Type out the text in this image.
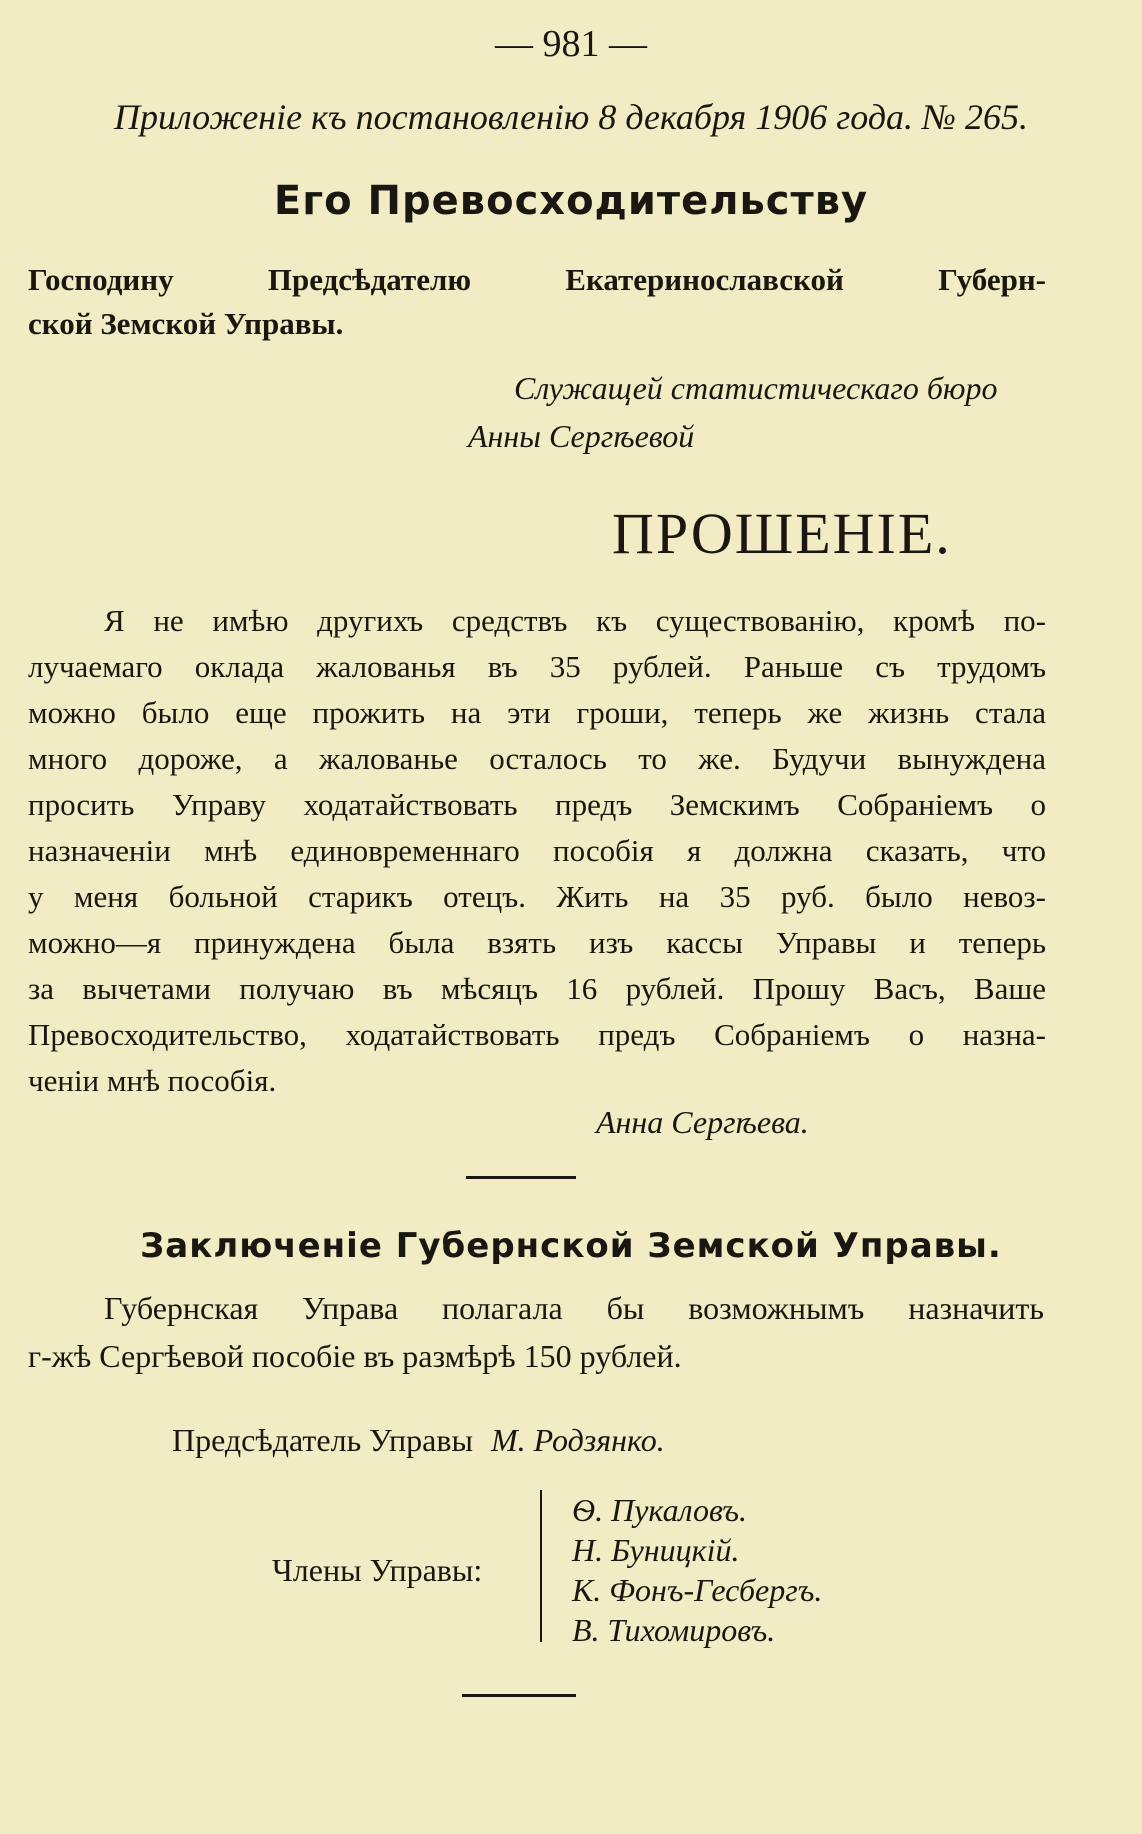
— 981 —
Приложеніе къ постановленію 8 декабря 1906 года. № 265.
Его Превосходительству
Господину Предсѣдателю Екатеринославской Губерн-
ской Земской Управы.
Служащей статистическаго бюро
Анны Сергѣевой
ПРОШЕНІЕ.
Я не имѣю другихъ средствъ къ существованію, кромѣ по-
лучаемаго оклада жалованья въ 35 рублей. Раньше съ трудомъ
можно было еще прожить на эти гроши, теперь же жизнь стала
много дороже, а жалованье осталось то же. Будучи вынуждена
просить Управу ходатайствовать предъ Земскимъ Собраніемъ о
назначеніи мнѣ единовременнаго пособія я должна сказать, что
у меня больной старикъ отецъ. Жить на 35 руб. было невоз-
можно—я принуждена была взять изъ кассы Управы и теперь
за вычетами получаю въ мѣсяцъ 16 рублей. Прошу Васъ, Ваше
Превосходительство, ходатайствовать предъ Собраніемъ о назна-
ченіи мнѣ пособія.
Анна Сергѣева.
Заключеніе Губернской Земской Управы.
Губернская Управа полагала бы возможнымъ назначить
г-жѣ Сергѣевой пособіе въ размѣрѣ 150 рублей.
Предсѣдатель Управы М. Родзянко.
Члены Управы:
Ѳ. Пукаловъ.
Н. Буницкій.
К. Фонъ-Гесбергъ.
В. Тихомировъ.
